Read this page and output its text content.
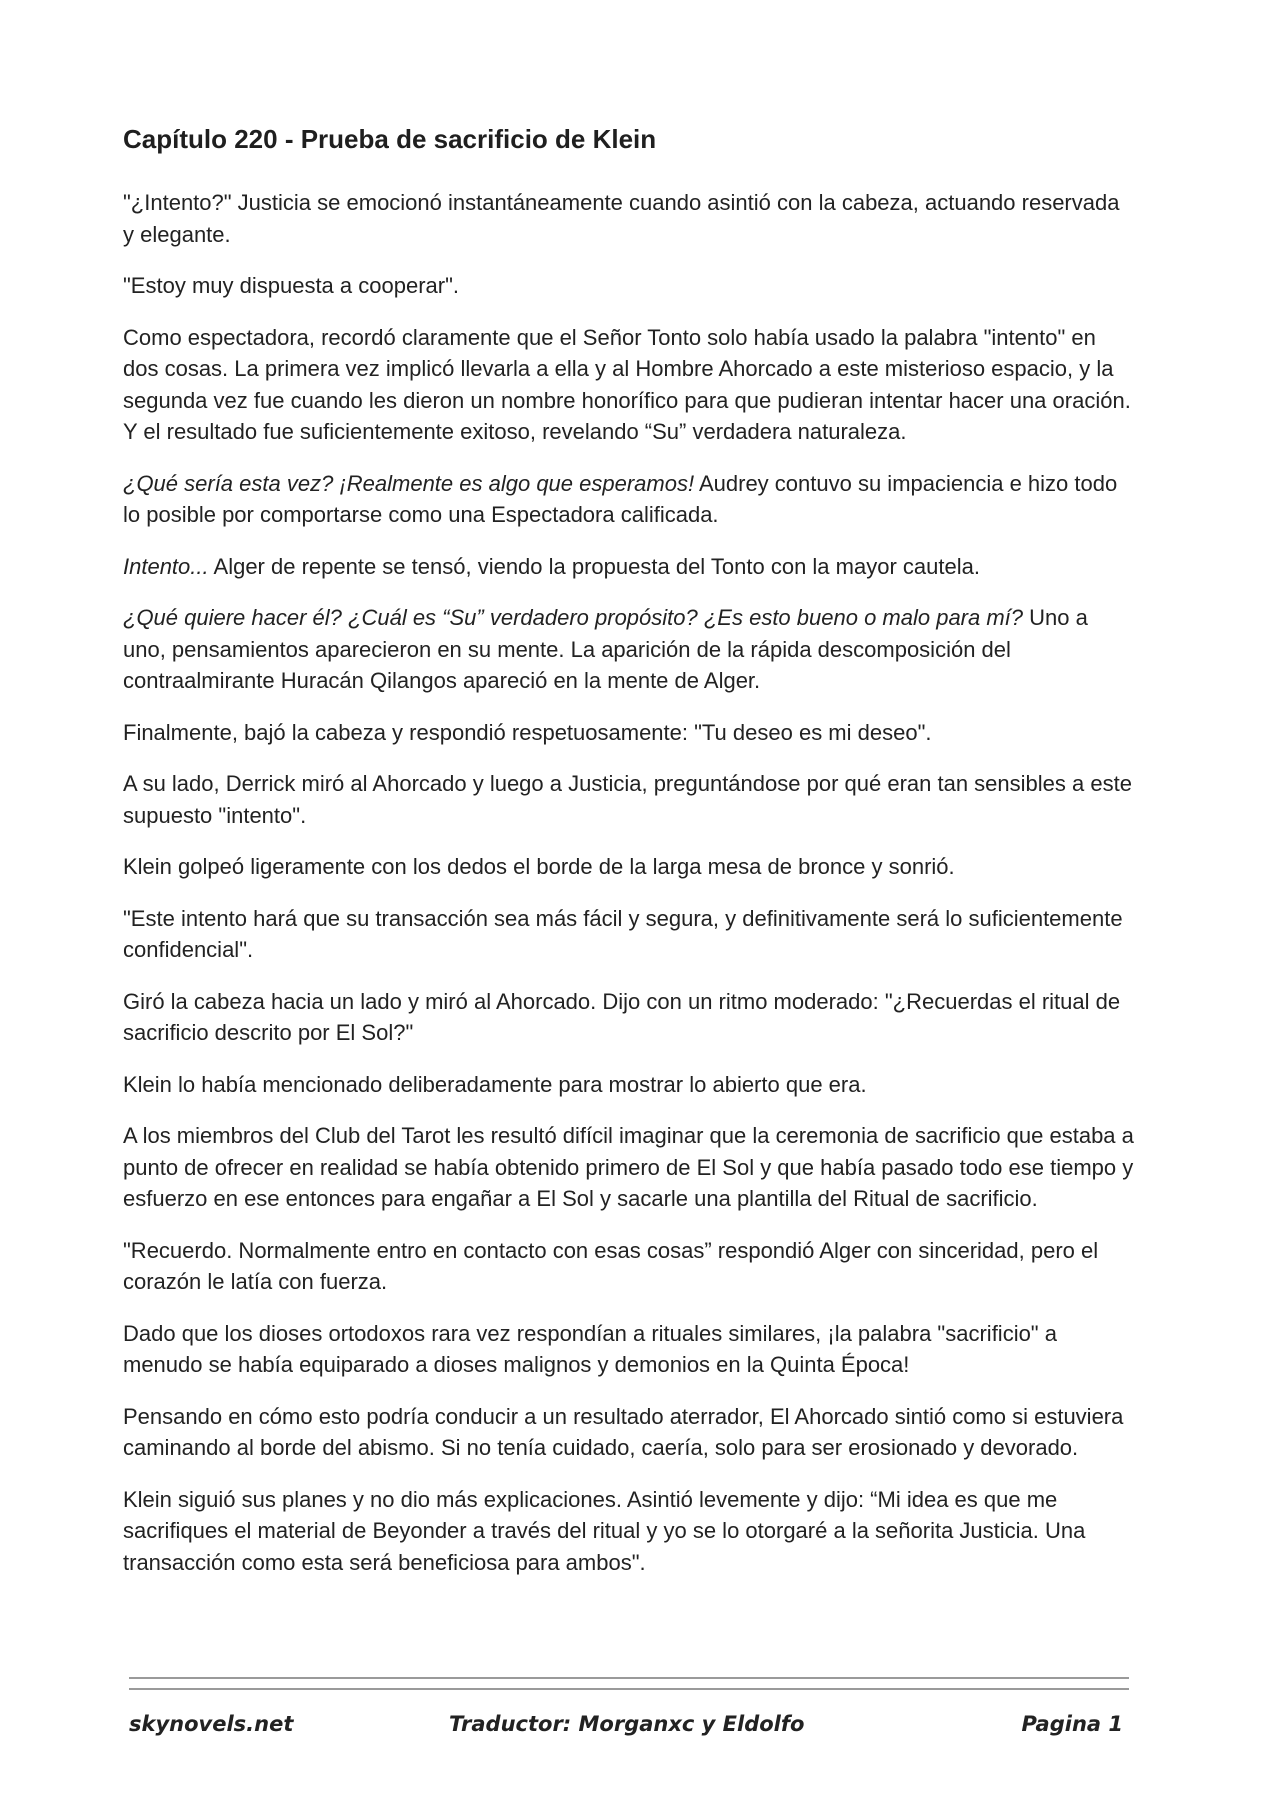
Capítulo 220 - Prueba de sacrificio de Klein

"¿Intento?" Justicia se emocionó instantáneamente cuando asintió con la cabeza, actuando reservada y elegante.

"Estoy muy dispuesta a cooperar".

Como espectadora, recordó claramente que el Señor Tonto solo había usado la palabra "intento" en dos cosas. La primera vez implicó llevarla a ella y al Hombre Ahorcado a este misterioso espacio, y la segunda vez fue cuando les dieron un nombre honorífico para que pudieran intentar hacer una oración. Y el resultado fue suficientemente exitoso, revelando “Su” verdadera naturaleza.

¿Qué sería esta vez? ¡Realmente es algo que esperamos! Audrey contuvo su impaciencia e hizo todo lo posible por comportarse como una Espectadora calificada.

Intento... Alger de repente se tensó, viendo la propuesta del Tonto con la mayor cautela.

¿Qué quiere hacer él? ¿Cuál es “Su” verdadero propósito? ¿Es esto bueno o malo para mí? Uno a uno, pensamientos aparecieron en su mente. La aparición de la rápida descomposición del contraalmirante Huracán Qilangos apareció en la mente de Alger.

Finalmente, bajó la cabeza y respondió respetuosamente: "Tu deseo es mi deseo".

A su lado, Derrick miró al Ahorcado y luego a Justicia, preguntándose por qué eran tan sensibles a este supuesto "intento".

Klein golpeó ligeramente con los dedos el borde de la larga mesa de bronce y sonrió.

"Este intento hará que su transacción sea más fácil y segura, y definitivamente será lo suficientemente confidencial".

Giró la cabeza hacia un lado y miró al Ahorcado. Dijo con un ritmo moderado: "¿Recuerdas el ritual de sacrificio descrito por El Sol?"

Klein lo había mencionado deliberadamente para mostrar lo abierto que era.

A los miembros del Club del Tarot les resultó difícil imaginar que la ceremonia de sacrificio que estaba a punto de ofrecer en realidad se había obtenido primero de El Sol y que había pasado todo ese tiempo y esfuerzo en ese entonces para engañar a El Sol y sacarle una plantilla del Ritual de sacrificio.

"Recuerdo. Normalmente entro en contacto con esas cosas” respondió Alger con sinceridad, pero el corazón le latía con fuerza.

Dado que los dioses ortodoxos rara vez respondían a rituales similares, ¡la palabra "sacrificio" a menudo se había equiparado a dioses malignos y demonios en la Quinta Época!

Pensando en cómo esto podría conducir a un resultado aterrador, El Ahorcado sintió como si estuviera caminando al borde del abismo. Si no tenía cuidado, caería, solo para ser erosionado y devorado.

Klein siguió sus planes y no dio más explicaciones. Asintió levemente y dijo: “Mi idea es que me sacrifiques el material de Beyonder a través del ritual y yo se lo otorgaré a la señorita Justicia. Una transacción como esta será beneficiosa para ambos".

skynovels.net	Traductor: Morganxc y Eldolfo	Pagina 1
